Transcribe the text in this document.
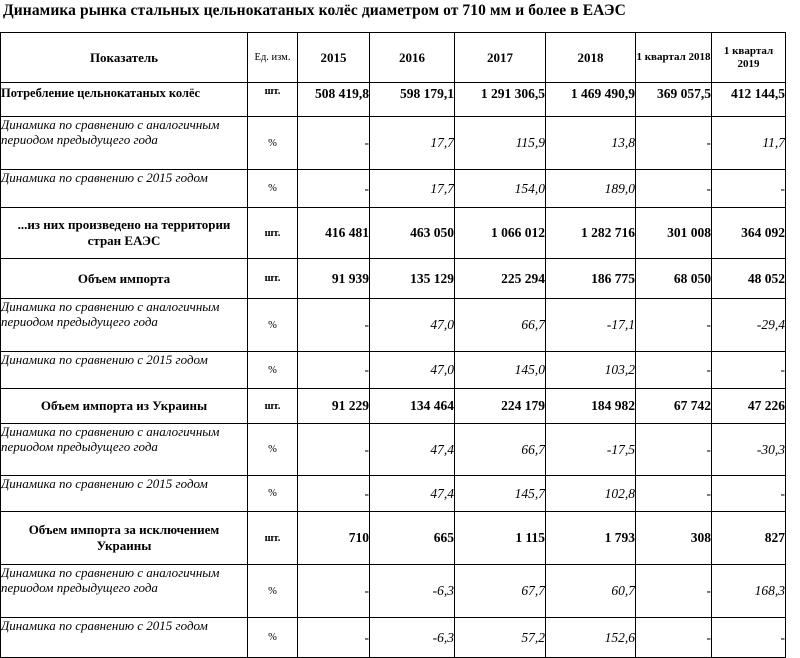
Динамика рынка стальных цельнокатаных колёс диаметром от 710 мм и более в ЕАЭС
Показатель	Ед. изм.	2015	2016	2017	2018	1 квартал 2018	1 квартал 2019
Потребление цельнокатаных колёс	шт.	508 419,8	598 179,1	1 291 306,5	1 469 490,9	369 057,5	412 144,5
Динамика по сравнению с аналогичным периодом предыдущего года	%	-	17,7	115,9	13,8	-	11,7
Динамика по сравнению с 2015 годом	%	-	17,7	154,0	189,0	-	-
...из них произведено на территории стран ЕАЭС	шт.	416 481	463 050	1 066 012	1 282 716	301 008	364 092
Объем импорта	шт.	91 939	135 129	225 294	186 775	68 050	48 052
Динамика по сравнению с аналогичным периодом предыдущего года	%	-	47,0	66,7	-17,1	-	-29,4
Динамика по сравнению с 2015 годом	%	-	47,0	145,0	103,2	-	-
Объем импорта из Украины	шт.	91 229	134 464	224 179	184 982	67 742	47 226
Динамика по сравнению с аналогичным периодом предыдущего года	%	-	47,4	66,7	-17,5	-	-30,3
Динамика по сравнению с 2015 годом	%	-	47,4	145,7	102,8	-	-
Объем импорта за исключением Украины	шт.	710	665	1 115	1 793	308	827
Динамика по сравнению с аналогичным периодом предыдущего года	%	-	-6,3	67,7	60,7	-	168,3
Динамика по сравнению с 2015 годом	%	-	-6,3	57,2	152,6	-	-
